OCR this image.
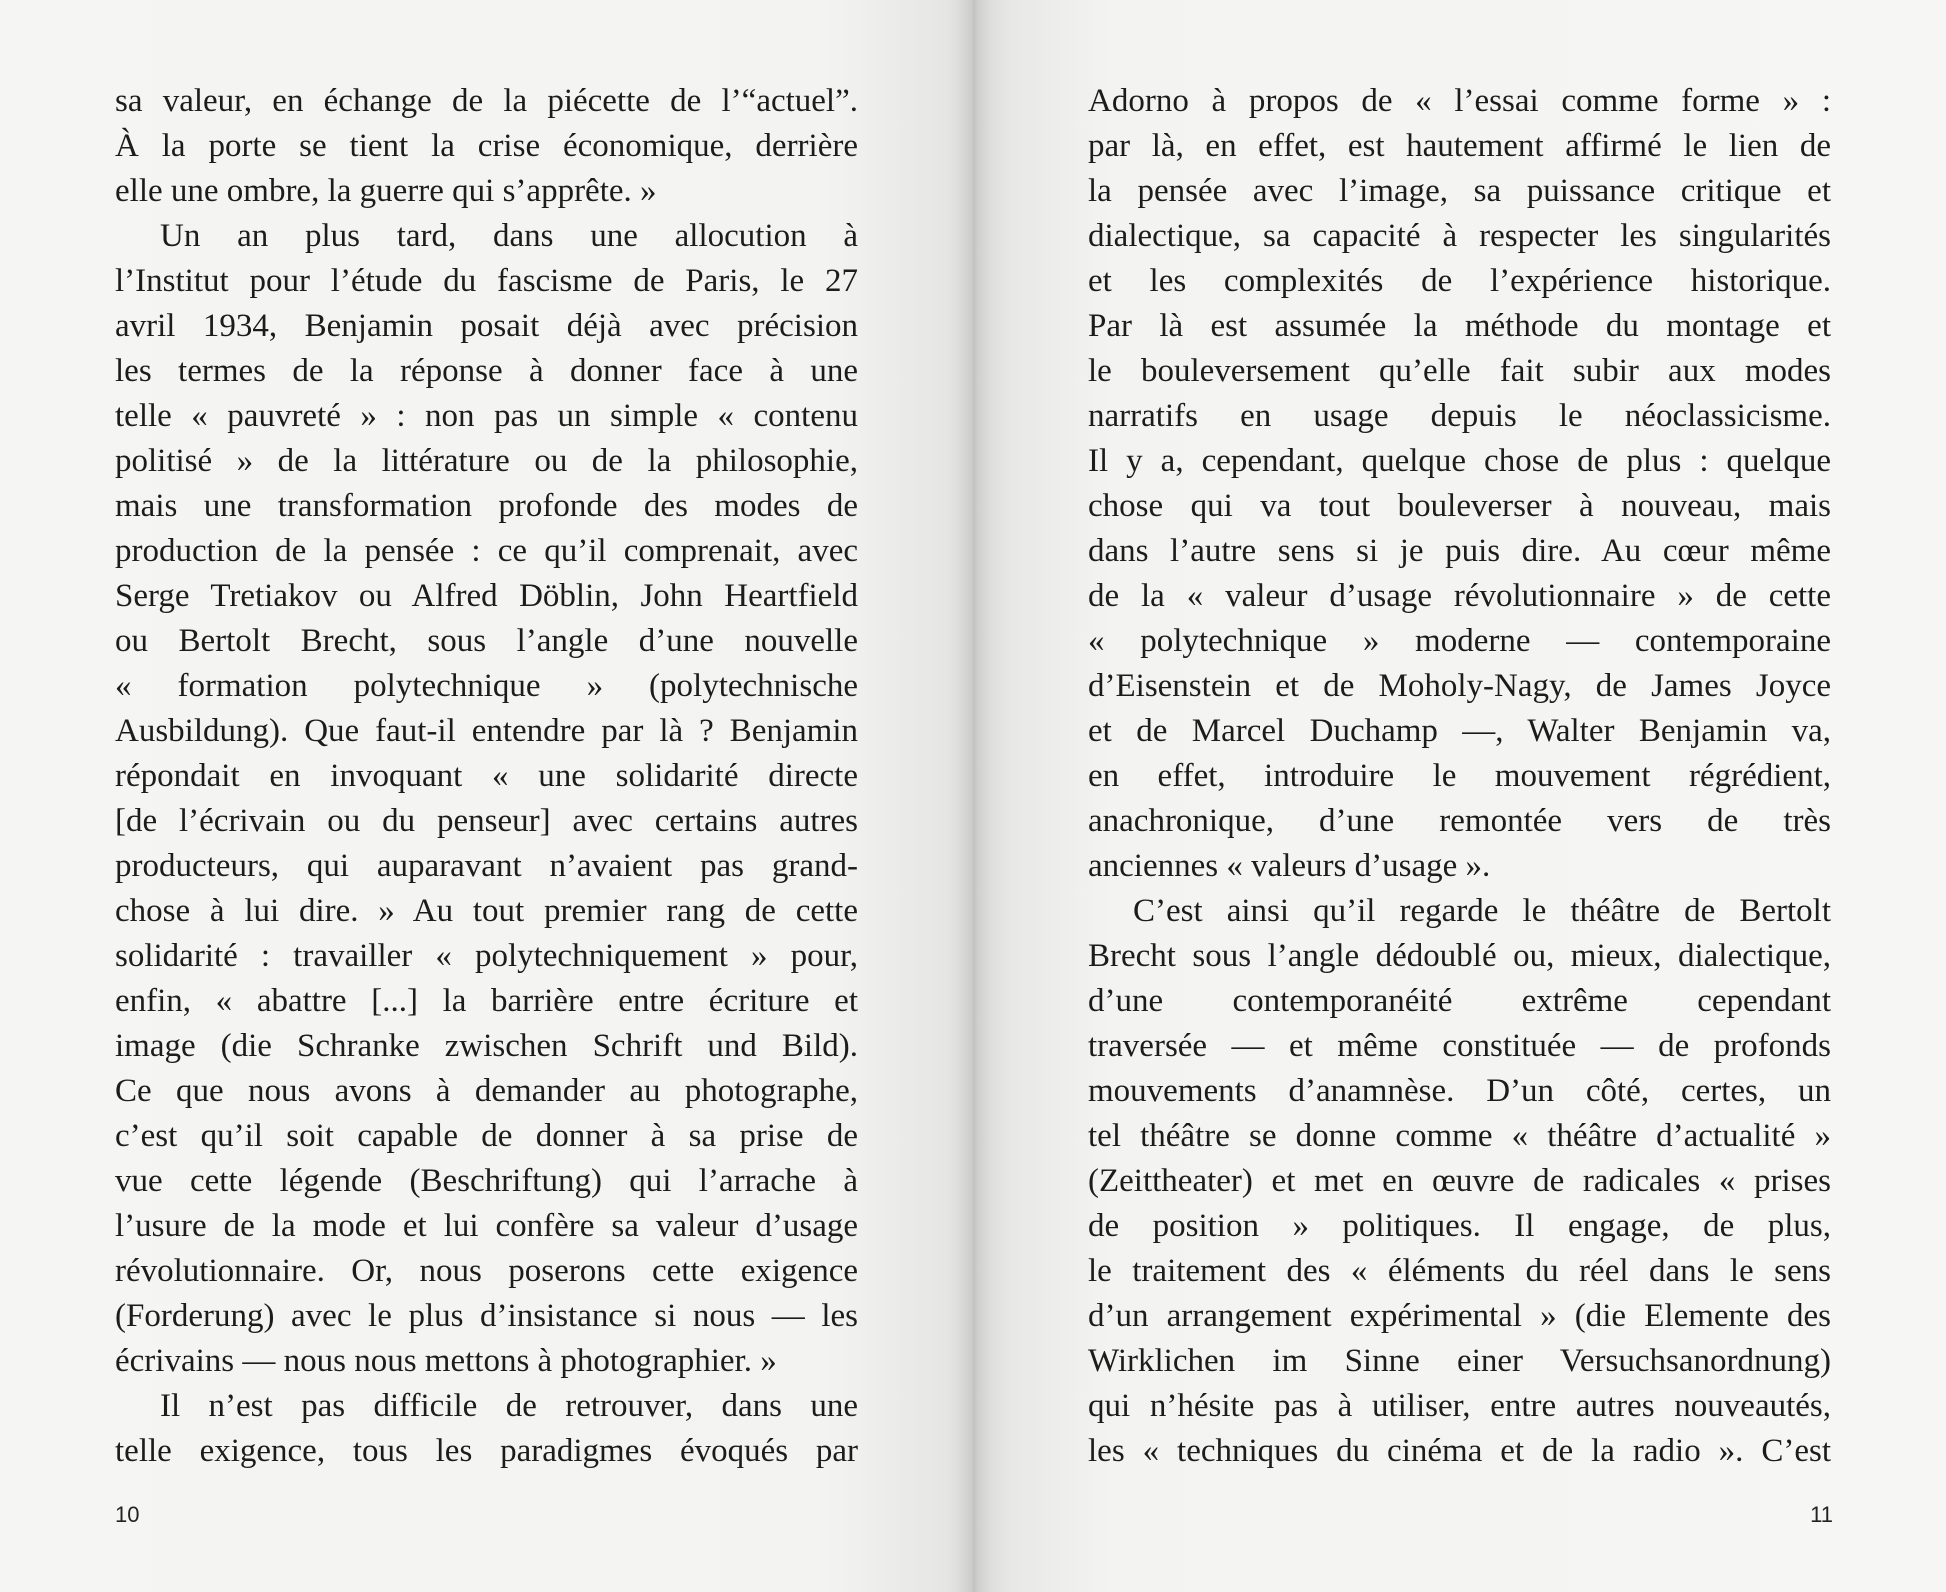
sa valeur, en échange de la piécette de l’“actuel”.
À la porte se tient la crise économique, derrière
elle une ombre, la guerre qui s’apprête. »
Un an plus tard, dans une allocution à
l’Institut pour l’étude du fascisme de Paris, le 27
avril 1934, Benjamin posait déjà avec précision
les termes de la réponse à donner face à une
telle « pauvreté » : non pas un simple « contenu
politisé » de la littérature ou de la philosophie,
mais une transformation profonde des modes de
production de la pensée : ce qu’il comprenait, avec
Serge Tretiakov ou Alfred Döblin, John Heartfield
ou Bertolt Brecht, sous l’angle d’une nouvelle
« formation polytechnique » (polytechnische
Ausbildung). Que faut-il entendre par là ? Benjamin
répondait en invoquant « une solidarité directe
[de l’écrivain ou du penseur] avec certains autres
producteurs, qui auparavant n’avaient pas grand-
chose à lui dire. » Au tout premier rang de cette
solidarité : travailler « polytechniquement » pour,
enfin, « abattre [...] la barrière entre écriture et
image (die Schranke zwischen Schrift und Bild).
Ce que nous avons à demander au photographe,
c’est qu’il soit capable de donner à sa prise de
vue cette légende (Beschriftung) qui l’arrache à
l’usure de la mode et lui confère sa valeur d’usage
révolutionnaire. Or, nous poserons cette exigence
(Forderung) avec le plus d’insistance si nous — les
écrivains — nous nous mettons à photographier. »
Il n’est pas difficile de retrouver, dans une
telle exigence, tous les paradigmes évoqués par
10
Adorno à propos de « l’essai comme forme » :
par là, en effet, est hautement affirmé le lien de
la pensée avec l’image, sa puissance critique et
dialectique, sa capacité à respecter les singularités
et les complexités de l’expérience historique.
Par là est assumée la méthode du montage et
le bouleversement qu’elle fait subir aux modes
narratifs en usage depuis le néoclassicisme.
Il y a, cependant, quelque chose de plus : quelque
chose qui va tout bouleverser à nouveau, mais
dans l’autre sens si je puis dire. Au cœur même
de la « valeur d’usage révolutionnaire » de cette
« polytechnique » moderne — contemporaine
d’Eisenstein et de Moholy-Nagy, de James Joyce
et de Marcel Duchamp —, Walter Benjamin va,
en effet, introduire le mouvement régrédient,
anachronique, d’une remontée vers de très
anciennes « valeurs d’usage ».
C’est ainsi qu’il regarde le théâtre de Bertolt
Brecht sous l’angle dédoublé ou, mieux, dialectique,
d’une contemporanéité extrême cependant
traversée — et même constituée — de profonds
mouvements d’anamnèse. D’un côté, certes, un
tel théâtre se donne comme « théâtre d’actualité »
(Zeittheater) et met en œuvre de radicales « prises
de position » politiques. Il engage, de plus,
le traitement des « éléments du réel dans le sens
d’un arrangement expérimental » (die Elemente des
Wirklichen im Sinne einer Versuchsanordnung)
qui n’hésite pas à utiliser, entre autres nouveautés,
les « techniques du cinéma et de la radio ». C’est
11
